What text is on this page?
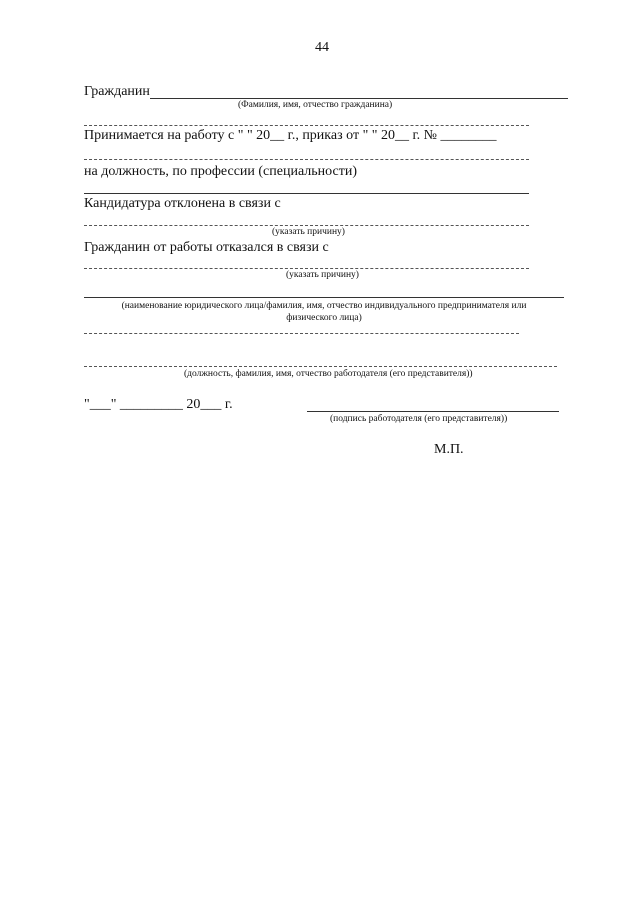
44
Гражданин
(Фамилия, имя, отчество гражданина)
Принимается на работу с " " 20__ г., приказ от " " 20__ г. № ________
на должность, по профессии (специальности)
Кандидатура отклонена в связи с
(указать причину)
Гражданин от работы отказался в связи с
(указать причину)
(наименование юридического лица/фамилия, имя, отчество индивидуального предпринимателя или
физического лица)
(должность, фамилия, имя, отчество работодателя (его представителя))
"___" _________ 20___ г.
(подпись работодателя (его представителя))
М.П.
